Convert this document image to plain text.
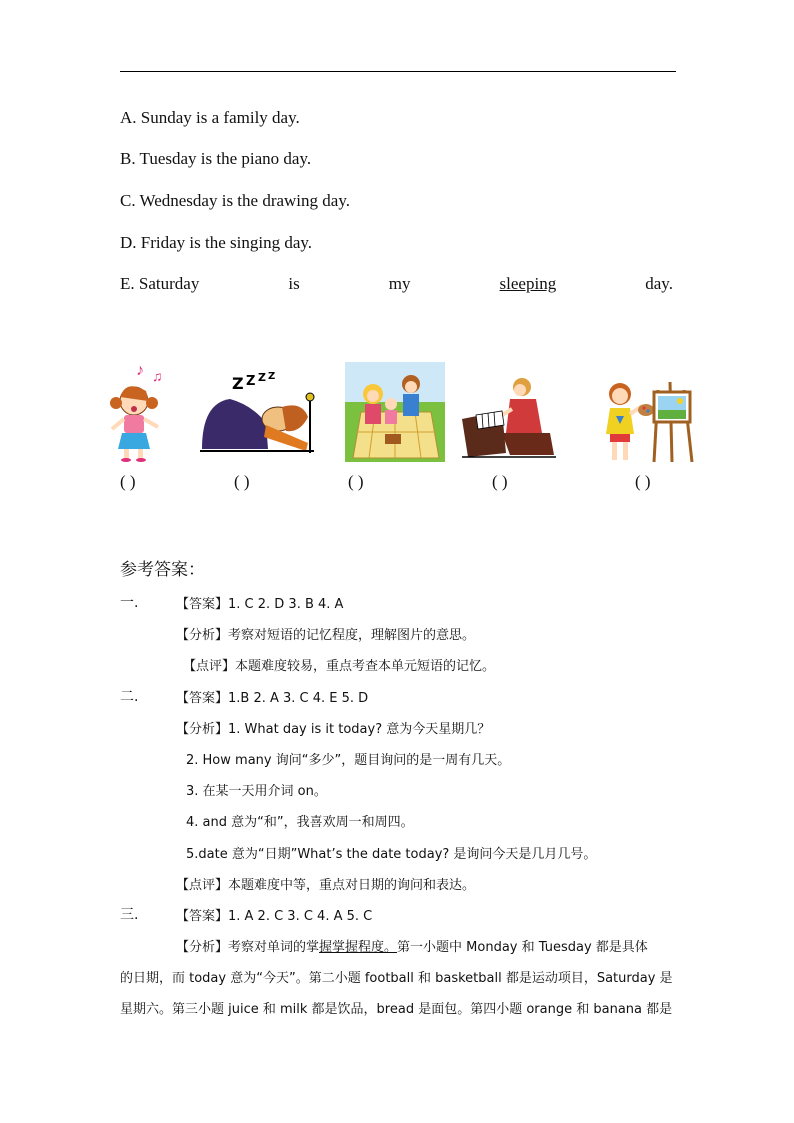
A. Sunday is a family day.
B. Tuesday is the piano day.
C. Wednesday is the drawing day.
D. Friday is the singing day.
E. Saturday	is	my	sleeping	day.
♪ ♫	Z Z Z Z
( )	( )	( )	( )	( )
参考答案：
一.	【答案】1. C 2. D 3. B 4. A
【分析】考察对短语的记忆程度，理解图片的意思。
【点评】本题难度较易，重点考查本单元短语的记忆。
二.	【答案】1.B 2. A 3. C 4. E 5. D
【分析】1. What day is it today? 意为今天星期几？
2. How many 询问“多少”，题目询问的是一周有几天。
3. 在某一天用介词 on。
4. and 意为“和”，我喜欢周一和周四。
5.date 意为“日期”What’s the date today? 是询问今天是几月几号。
【点评】本题难度中等，重点对日期的询问和表达。
三.	【答案】1. A 2. C 3. C 4. A 5. C
【分析】考察对单词的掌握掌握程度。第一小题中 Monday 和 Tuesday 都是具体
的日期，而 today 意为“今天”。第二小题 football 和 basketball 都是运动项目，Saturday 是
星期六。第三小题 juice 和 milk 都是饮品，bread 是面包。第四小题 orange 和 banana 都是
